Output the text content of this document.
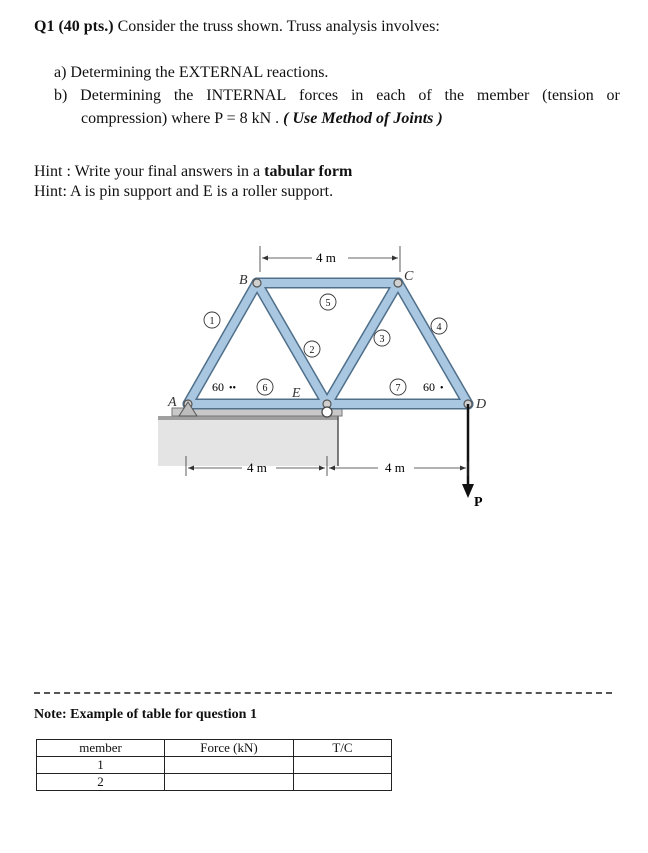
Q1 (40 pts.) Consider the truss shown. Truss analysis involves:
a) Determining the EXTERNAL reactions.
b) Determining the INTERNAL forces in each of the member (tension or
compression) where P = 8 kN . ( Use Method of Joints )
Hint : Write your final answers in a tabular form
Hint: A is pin support and E is a roller support.
P
4 m
4 m	4 m
A
B	C
E
D
1
2
3
4
5
6	7
60 ••	60 •
Note: Example of table for question 1
member	Force (kN)	T/C
1		
2		
